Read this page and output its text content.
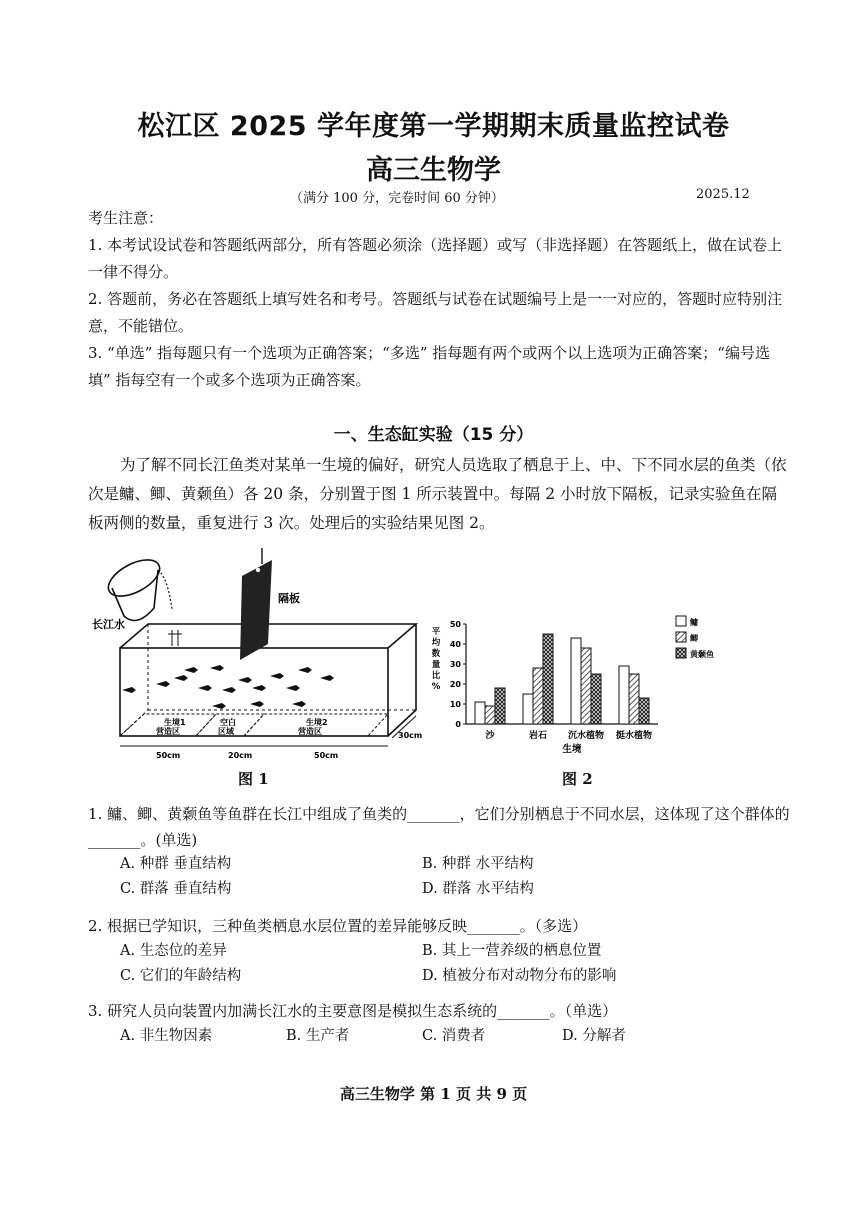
松江区 2025 学年度第一学期期末质量监控试卷
高三生物学
（满分 100 分，完卷时间 60 分钟）	2025.12
考生注意：
1. 本考试设试卷和答题纸两部分，所有答题必须涂（选择题）或写（非选择题）在答题纸上，做在试卷上一律不得分。
2. 答题前，务必在答题纸上填写姓名和考号。答题纸与试卷在试题编号上是一一对应的，答题时应特别注意，不能错位。
3. “单选” 指每题只有一个选项为正确答案；“多选” 指每题有两个或两个以上选项为正确答案；“编号选填” 指每空有一个或多个选项为正确答案。
一、生态缸实验（15 分）
为了解不同长江鱼类对某单一生境的偏好，研究人员选取了栖息于上、中、下不同水层的鱼类（依次是鳙、鲫、黄颡鱼）各 20 条，分别置于图 1 所示装置中。每隔 2 小时放下隔板，记录实验鱼在隔板两侧的数量，重复进行 3 次。处理后的实验结果见图 2。
长江水
隔板
生境1 营造区
空白区域
生境2 营造区
50cm	20cm	50cm
30cm
图 1
0
10
20
30
40
50
平
均
数
量
比
%
沙	岩石 沉水植物 挺水植物
生境
鳙
鲫
黄颡鱼
图 2
1. 鳙、鲫、黄颡鱼等鱼群在长江中组成了鱼类的_______，它们分别栖息于不同水层，这体现了这个群体的_______。(单选)
A. 种群 垂直结构	B. 种群 水平结构
C. 群落 垂直结构	D. 群落 水平结构
2. 根据已学知识，三种鱼类栖息水层位置的差异能够反映_______。（多选）
A. 生态位的差异	B. 其上一营养级的栖息位置
C. 它们的年龄结构	D. 植被分布对动物分布的影响
3. 研究人员向装置内加满长江水的主要意图是模拟生态系统的_______。（单选）
A. 非生物因素	B. 生产者	C. 消费者	D. 分解者
高三生物学 第 1 页 共 9 页
